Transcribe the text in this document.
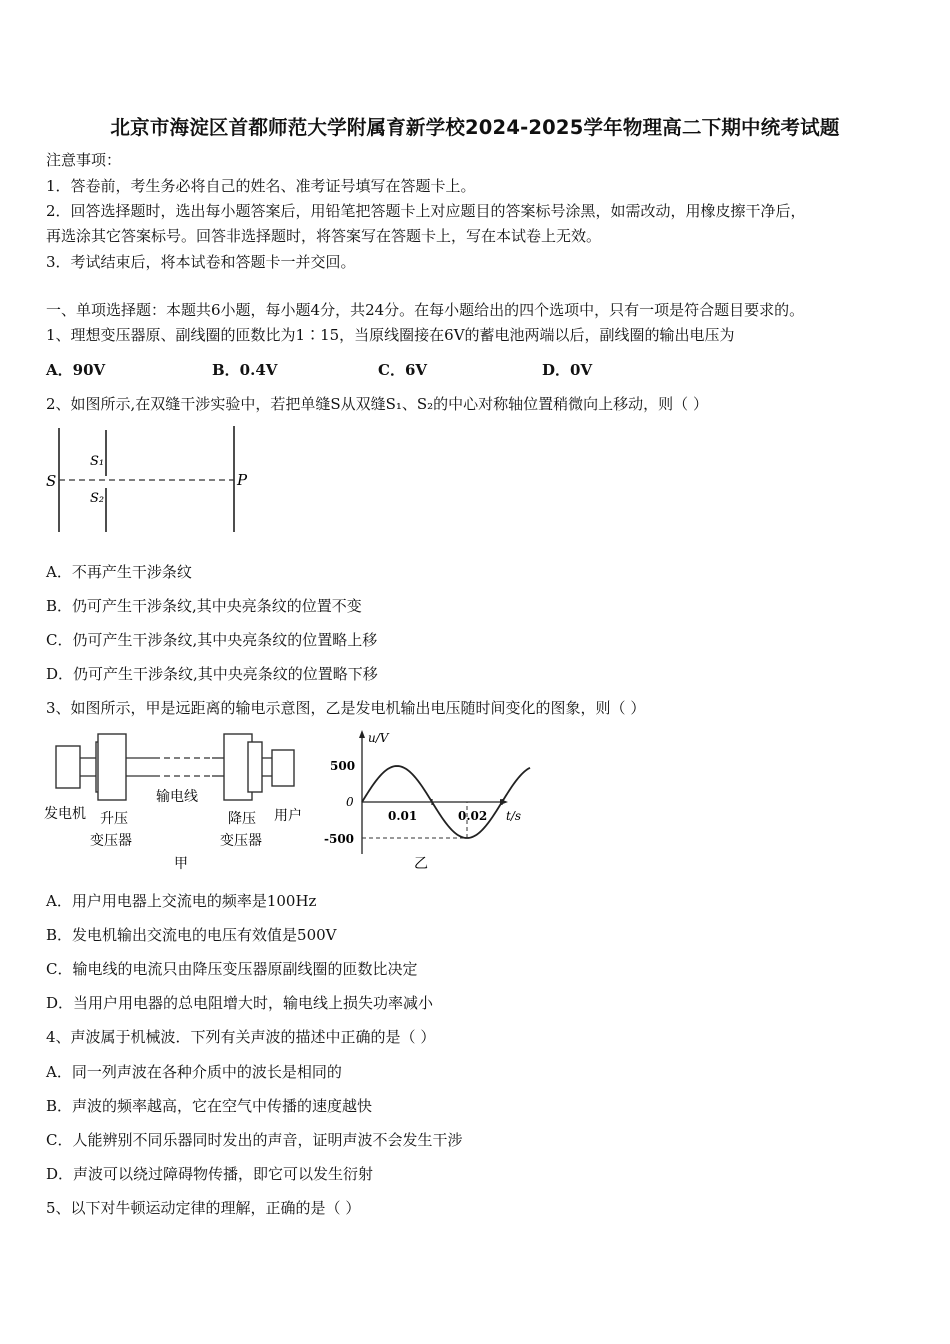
北京市海淀区首都师范大学附属育新学校2024-2025学年物理高二下期中统考试题
注意事项：
1．答卷前，考生务必将自己的姓名、准考证号填写在答题卡上。
2．回答选择题时，选出每小题答案后，用铅笔把答题卡上对应题目的答案标号涂黑，如需改动，用橡皮擦干净后，
再选涂其它答案标号。回答非选择题时，将答案写在答题卡上，写在本试卷上无效。
3．考试结束后，将本试卷和答题卡一并交回。
一、单项选择题：本题共6小题，每小题4分，共24分。在每小题给出的四个选项中，只有一项是符合题目要求的。
1、理想变压器原、副线圈的匝数比为1∶15，当原线圈接在6V的蓄电池两端以后，副线圈的输出电压为
A．90V	B．0.4V	C．6V	D．0V
2、如图所示,在双缝干涉实验中，若把单缝S从双缝S₁、S₂的中心对称轴位置稍微向上移动，则（ ）
S
S₁
S₂
P
A．不再产生干涉条纹
B．仍可产生干涉条纹,其中央亮条纹的位置不变
C．仍可产生干涉条纹,其中央亮条纹的位置略上移
D．仍可产生干涉条纹,其中央亮条纹的位置略下移
3、如图所示，甲是远距离的输电示意图，乙是发电机输出电压随时间变化的图象，则（ ）
发电机 升压
变压器
输电线
降压
变压器
用户
甲
u/V
t/s
500
0
-500
0.01	0.02
乙
A．用户用电器上交流电的频率是100Hz
B．发电机输出交流电的电压有效值是500V
C．输电线的电流只由降压变压器原副线圈的匝数比决定
D．当用户用电器的总电阻增大时，输电线上损失功率减小
4、声波属于机械波．下列有关声波的描述中正确的是（ ）
A．同一列声波在各种介质中的波长是相同的
B．声波的频率越高，它在空气中传播的速度越快
C．人能辨别不同乐器同时发出的声音，证明声波不会发生干涉
D．声波可以绕过障碍物传播，即它可以发生衍射
5、以下对牛顿运动定律的理解，正确的是（ ）
